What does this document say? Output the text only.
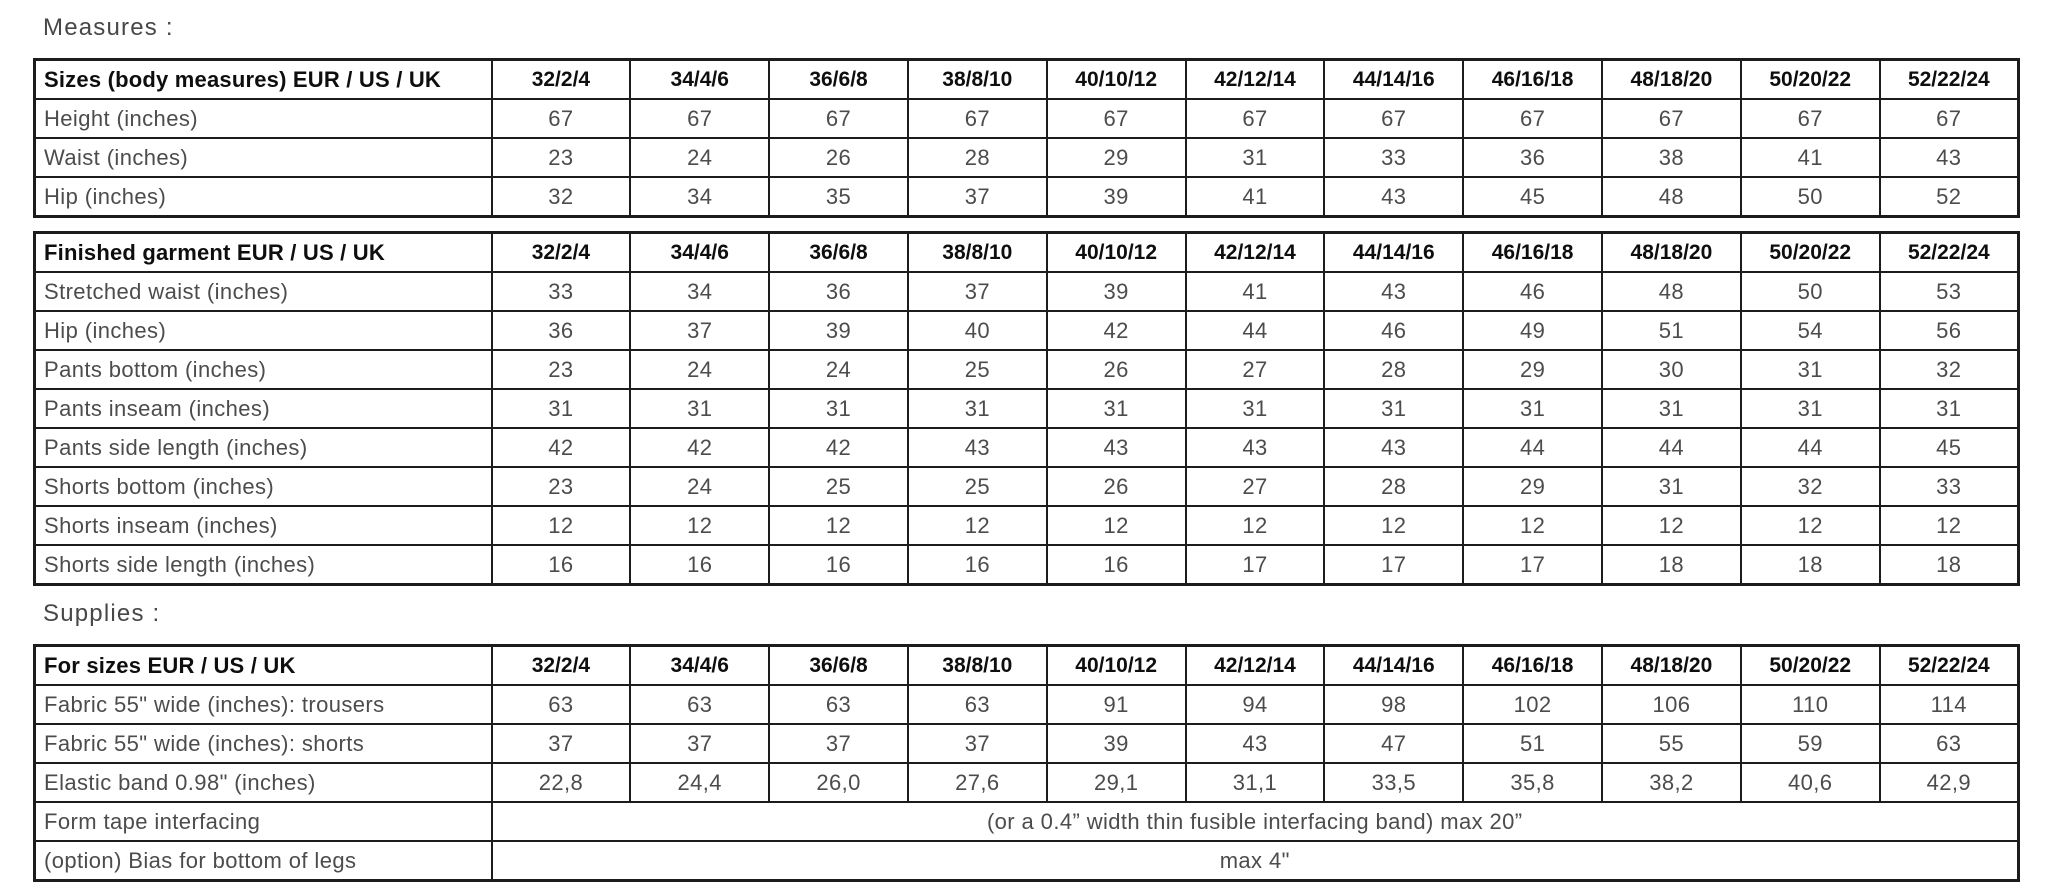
Measures :
Sizes (body measures) EUR / US / UK	32/2/4	34/4/6	36/6/8	38/8/10	40/10/12	42/12/14	44/14/16	46/16/18	48/18/20	50/20/22	52/22/24
Height (inches)	67	67	67	67	67	67	67	67	67	67	67
Waist (inches)	23	24	26	28	29	31	33	36	38	41	43
Hip (inches)	32	34	35	37	39	41	43	45	48	50	52
Finished garment EUR / US / UK	32/2/4	34/4/6	36/6/8	38/8/10	40/10/12	42/12/14	44/14/16	46/16/18	48/18/20	50/20/22	52/22/24
Stretched waist (inches)	33	34	36	37	39	41	43	46	48	50	53
Hip (inches)	36	37	39	40	42	44	46	49	51	54	56
Pants bottom (inches)	23	24	24	25	26	27	28	29	30	31	32
Pants inseam (inches)	31	31	31	31	31	31	31	31	31	31	31
Pants side length (inches)	42	42	42	43	43	43	43	44	44	44	45
Shorts bottom (inches)	23	24	25	25	26	27	28	29	31	32	33
Shorts inseam (inches)	12	12	12	12	12	12	12	12	12	12	12
Shorts side length (inches)	16	16	16	16	16	17	17	17	18	18	18
Supplies :
For sizes EUR / US / UK	32/2/4	34/4/6	36/6/8	38/8/10	40/10/12	42/12/14	44/14/16	46/16/18	48/18/20	50/20/22	52/22/24
Fabric 55" wide (inches): trousers	63	63	63	63	91	94	98	102	106	110	114
Fabric 55" wide (inches): shorts	37	37	37	37	39	43	47	51	55	59	63
Elastic band 0.98" (inches)	22,8	24,4	26,0	27,6	29,1	31,1	33,5	35,8	38,2	40,6	42,9
Form tape interfacing	(or a 0.4” width thin fusible interfacing band) max 20”										
(option) Bias for bottom of legs	max 4"										
